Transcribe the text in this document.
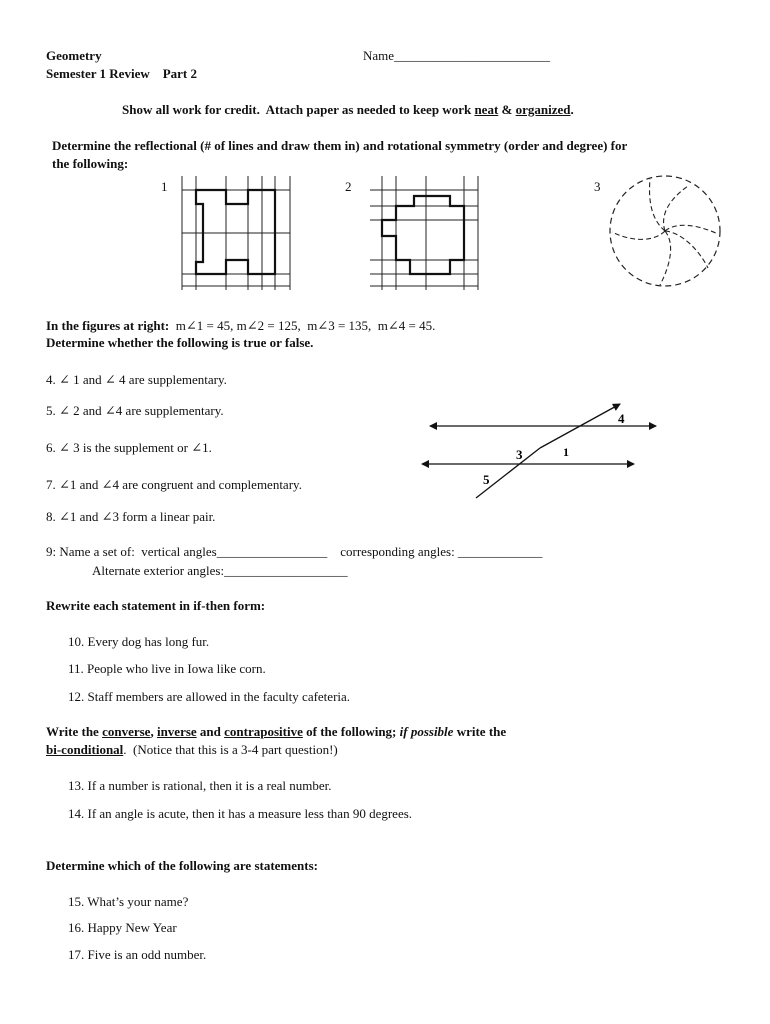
Geometry
Semester 1 Review    Part 2
Name________________________
Show all work for credit.  Attach paper as needed to keep work neat & organized.
Determine the reflectional (# of lines and draw them in) and rotational symmetry (order and degree) for
the following:
1	2	3
In the figures at right:  m∠1 = 45, m∠2 = 125,  m∠3 = 135,  m∠4 = 45.
Determine whether the following is true or false.
4. ∠ 1 and ∠ 4 are supplementary.
5. ∠ 2 and ∠4 are supplementary.
6. ∠ 3 is the supplement or ∠1.
7. ∠1 and ∠4 are congruent and complementary.
8. ∠1 and ∠3 form a linear pair.
4
3	1
5
9: Name a set of:  vertical angles_________________    corresponding angles: _____________
Alternate exterior angles:___________________
Rewrite each statement in if-then form:
10. Every dog has long fur.
11. People who live in Iowa like corn.
12. Staff members are allowed in the faculty cafeteria.
Write the converse, inverse and contrapositive of the following; if possible write the
bi-conditional.  (Notice that this is a 3-4 part question!)
13. If a number is rational, then it is a real number.
14. If an angle is acute, then it has a measure less than 90 degrees.
Determine which of the following are statements:
15. What’s your name?
16. Happy New Year
17. Five is an odd number.
